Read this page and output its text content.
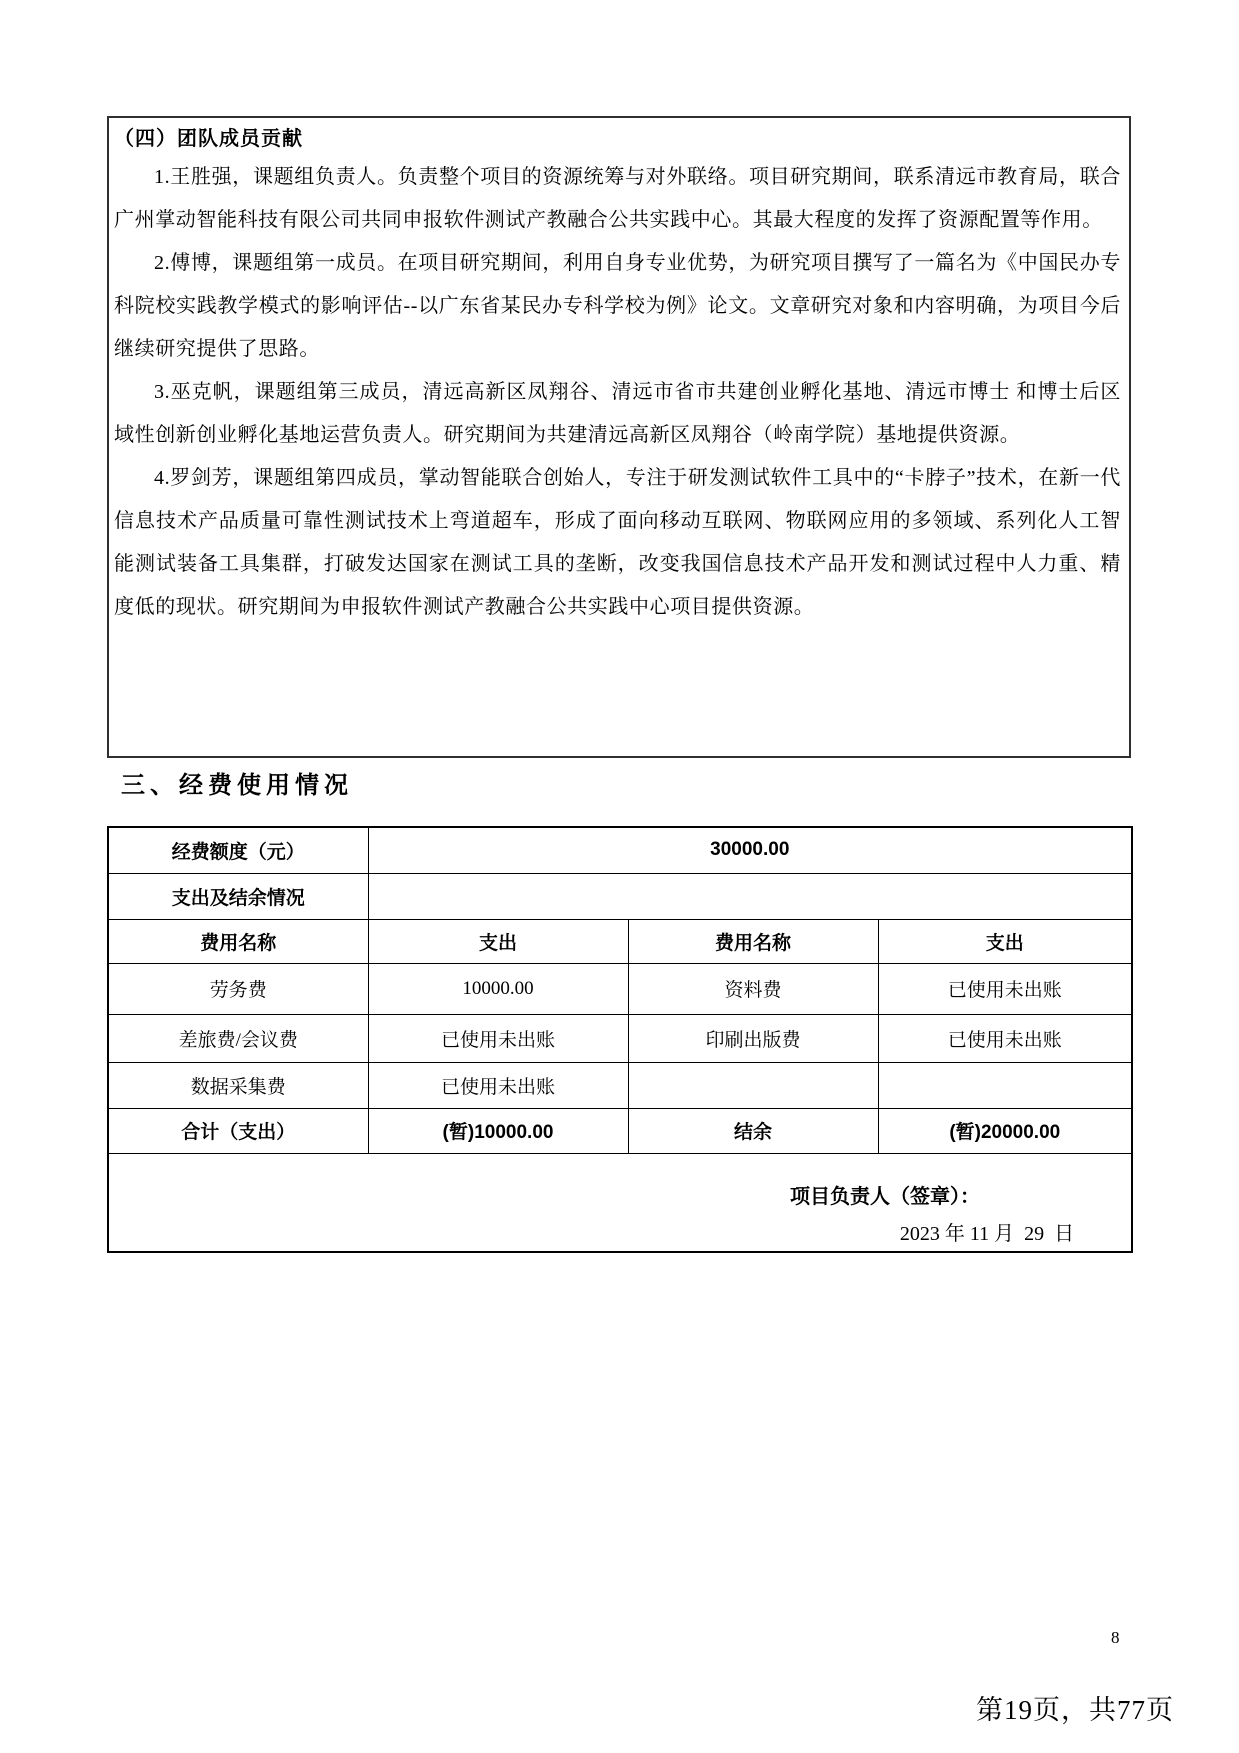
（四）团队成员贡献

1.王胜强，课题组负责人。负责整个项目的资源统筹与对外联络。项目研究期间，联系清远市教育局，联合广州掌动智能科技有限公司共同申报软件测试产教融合公共实践中心。其最大程度的发挥了资源配置等作用。

2.傅博，课题组第一成员。在项目研究期间，利用自身专业优势，为研究项目撰写了一篇名为《中国民办专科院校实践教学模式的影响评估--以广东省某民办专科学校为例》论文。文章研究对象和内容明确，为项目今后继续研究提供了思路。

3.巫克帆，课题组第三成员，清远高新区凤翔谷、清远市省市共建创业孵化基地、清远市博士 和博士后区域性创新创业孵化基地运营负责人。研究期间为共建清远高新区凤翔谷（岭南学院）基地提供资源。

4.罗剑芳，课题组第四成员，掌动智能联合创始人，专注于研发测试软件工具中的“卡脖子”技术，在新一代信息技术产品质量可靠性测试技术上弯道超车，形成了面向移动互联网、物联网应用的多领域、系列化人工智能测试装备工具集群，打破发达国家在测试工具的垄断，改变我国信息技术产品开发和测试过程中人力重、精度低的现状。研究期间为申报软件测试产教融合公共实践中心项目提供资源。

三、经费使用情况
经费额度（元）	30000.00		
支出及结余情况			
费用名称	支出	费用名称	支出
劳务费	10000.00	资料费	已使用未出账
差旅费/会议费	已使用未出账	印刷出版费	已使用未出账
数据采集费	已使用未出账		
合计（支出）	(暂)10000.00	结余	(暂)20000.00

项目负责人（签章）：
2023 年 11 月  29  日			
8
第19页，共77页
